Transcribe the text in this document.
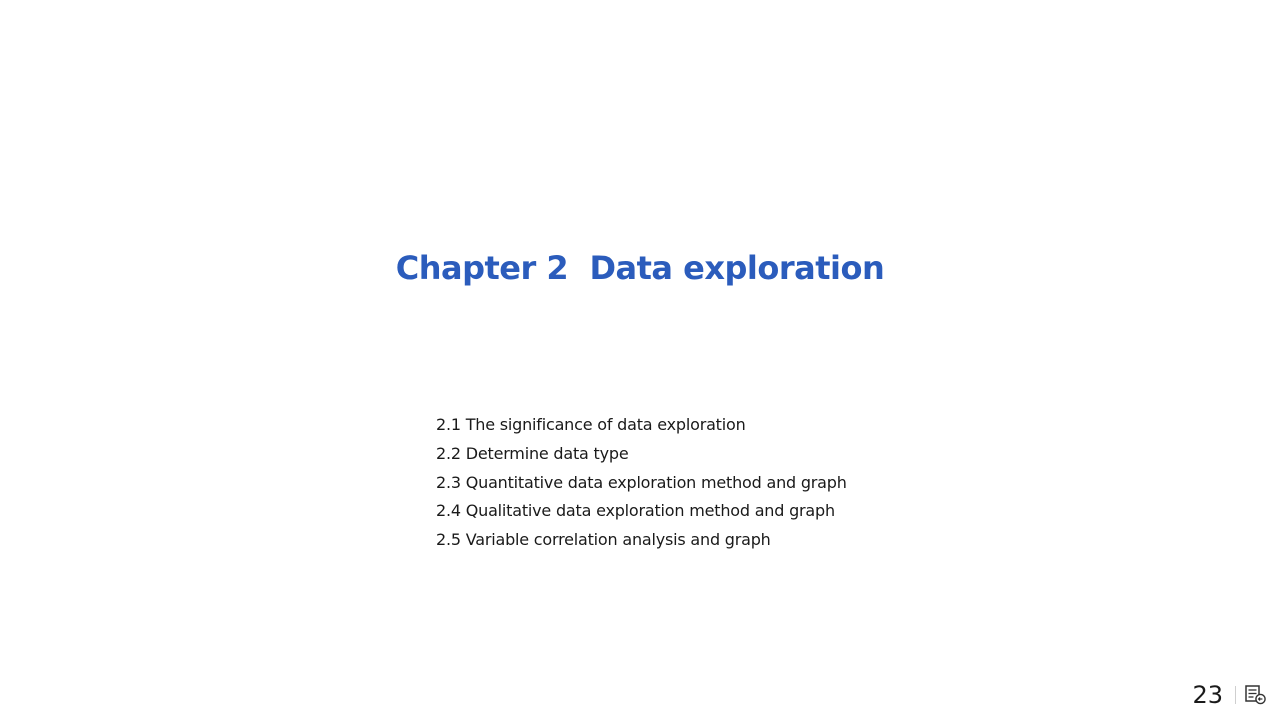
Chapter 2  Data exploration
2.1 The significance of data exploration
2.2 Determine data type
2.3 Quantitative data exploration method and graph
2.4 Qualitative data exploration method and graph
2.5 Variable correlation analysis and graph
23
